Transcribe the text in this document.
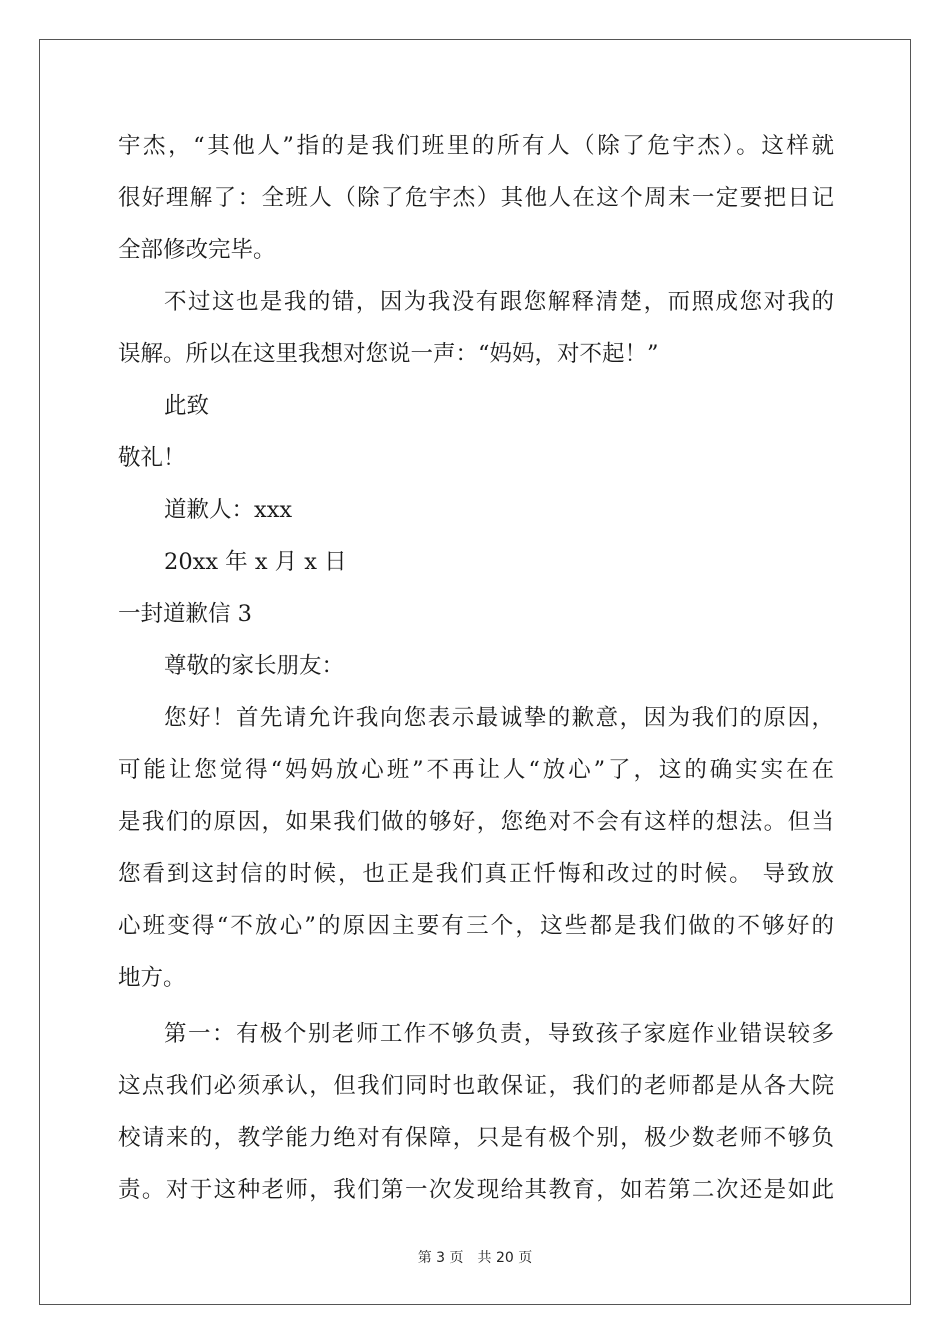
宇杰，“其他人”指的是我们班里的所有人（除了危宇杰）。这样就
很好理解了：全班人（除了危宇杰）其他人在这个周末一定要把日记
全部修改完毕。
不过这也是我的错，因为我没有跟您解释清楚，而照成您对我的
误解。所以在这里我想对您说一声：“妈妈，对不起！”
此致
敬礼！
道歉人：xxx
20xx 年 x 月 x 日
一封道歉信 3
尊敬的家长朋友：
您好！首先请允许我向您表示最诚挚的歉意，因为我们的原因，
可能让您觉得“妈妈放心班”不再让人“放心”了，这的确实实在在
是我们的原因，如果我们做的够好，您绝对不会有这样的想法。但当
您看到这封信的时候，也正是我们真正忏悔和改过的时候。 导致放
心班变得“不放心”的原因主要有三个，这些都是我们做的不够好的
地方。
第一：有极个别老师工作不够负责，导致孩子家庭作业错误较多
这点我们必须承认，但我们同时也敢保证，我们的老师都是从各大院
校请来的，教学能力绝对有保障，只是有极个别，极少数老师不够负
责。对于这种老师，我们第一次发现给其教育，如若第二次还是如此
第 3 页　共 20 页
